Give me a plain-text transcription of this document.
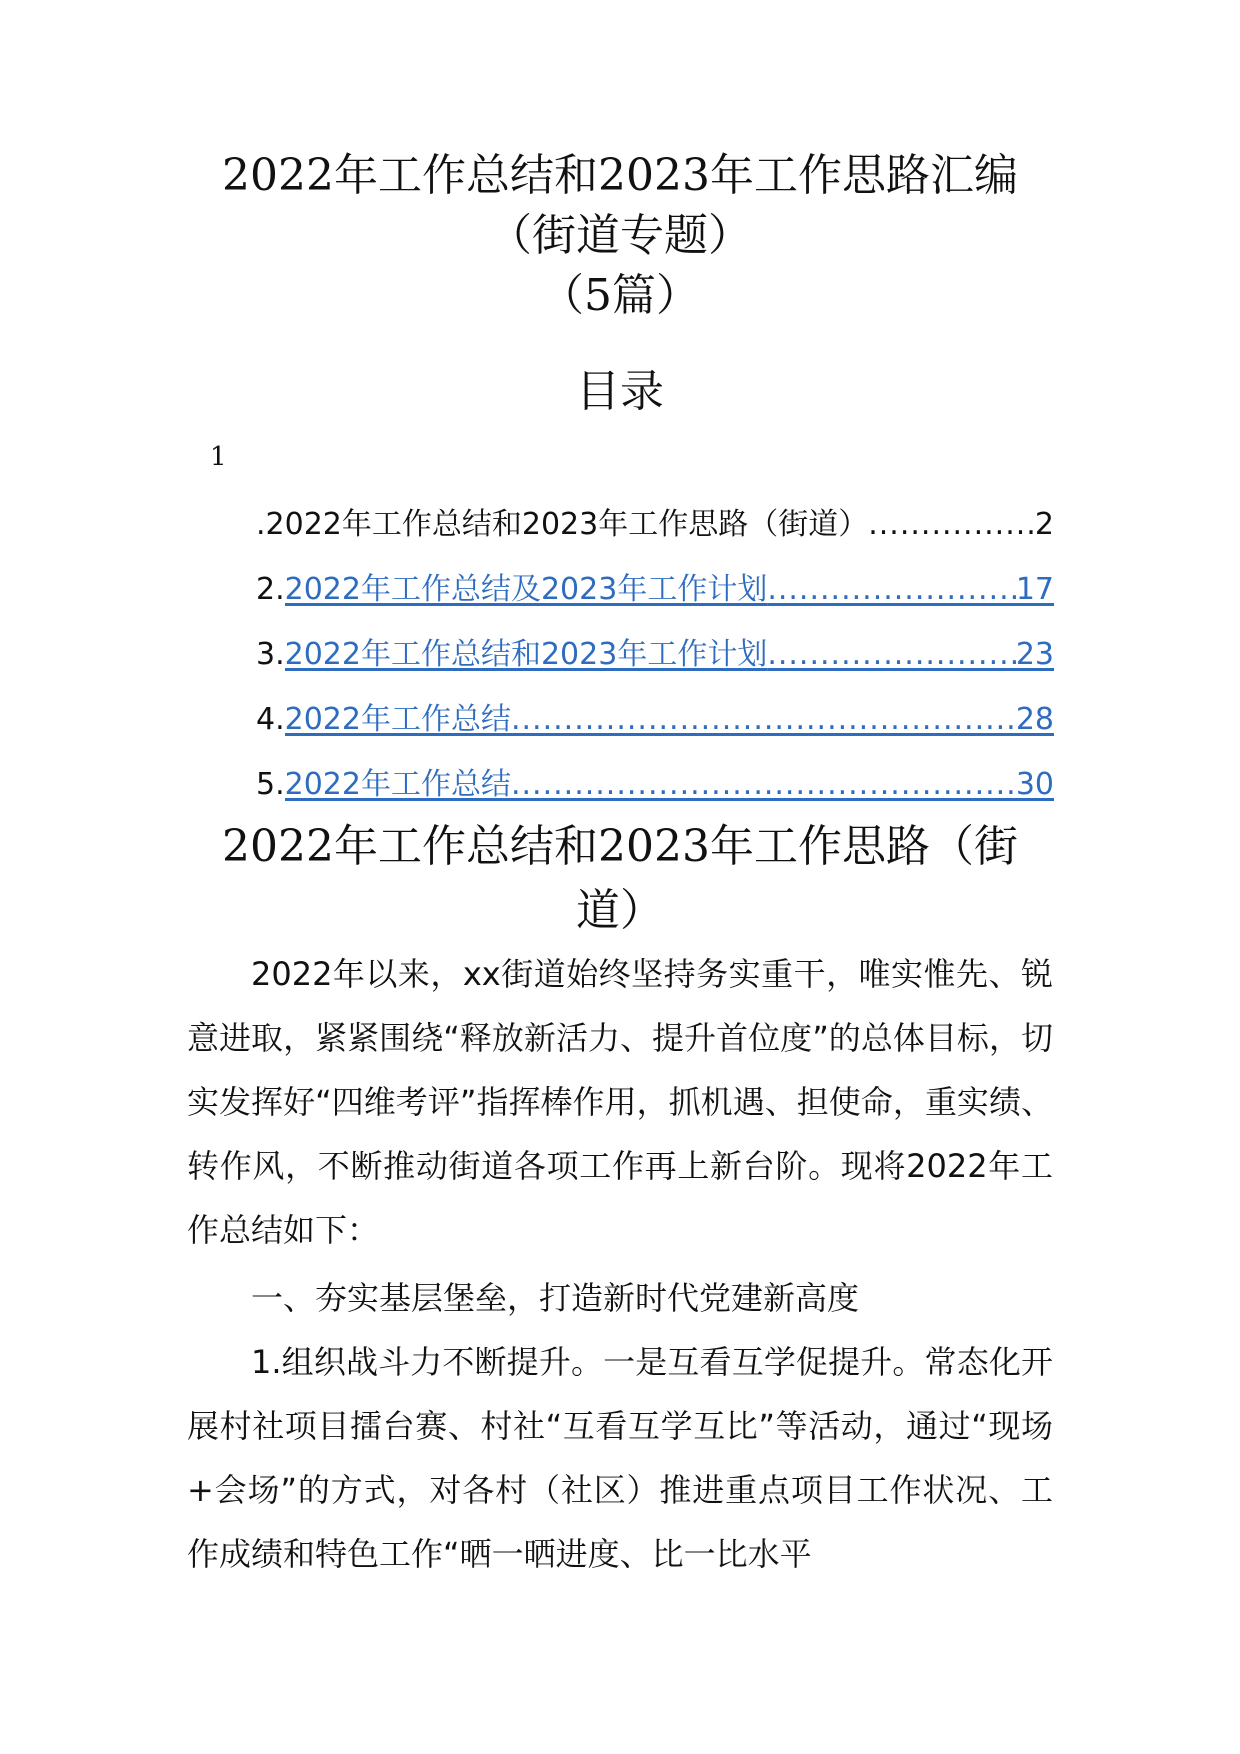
2022年工作总结和2023年工作思路汇编
（街道专题）
（5篇）
目录
1
.2022年工作总结和2023年工作思路（街道） .....	2
2. 2022年工作总结及2023年工作计划 .....	17
3. 2022年工作总结和2023年工作计划 .....	23
4. 2022年工作总结 .....	28
5. 2022年工作总结 .....	30
2022年工作总结和2023年工作思路（街道）

2022年以来，xx街道始终坚持务实重干，唯实惟先、锐意进取，紧紧围绕“释放新活力、提升首位度”的总体目标，切实发挥好“四维考评”指挥棒作用，抓机遇、担使命，重实绩、转作风，不断推动街道各项工作再上新台阶。现将2022年工作总结如下：

一、夯实基层堡垒，打造新时代党建新高度

1.组织战斗力不断提升。一是互看互学促提升。常态化开展村社项目擂台赛、村社“互看互学互比”等活动，通过“现场+会场”的方式，对各村（社区）推进重点项目工作状况、工作成绩和特色工作“晒一晒进度、比一比水平
